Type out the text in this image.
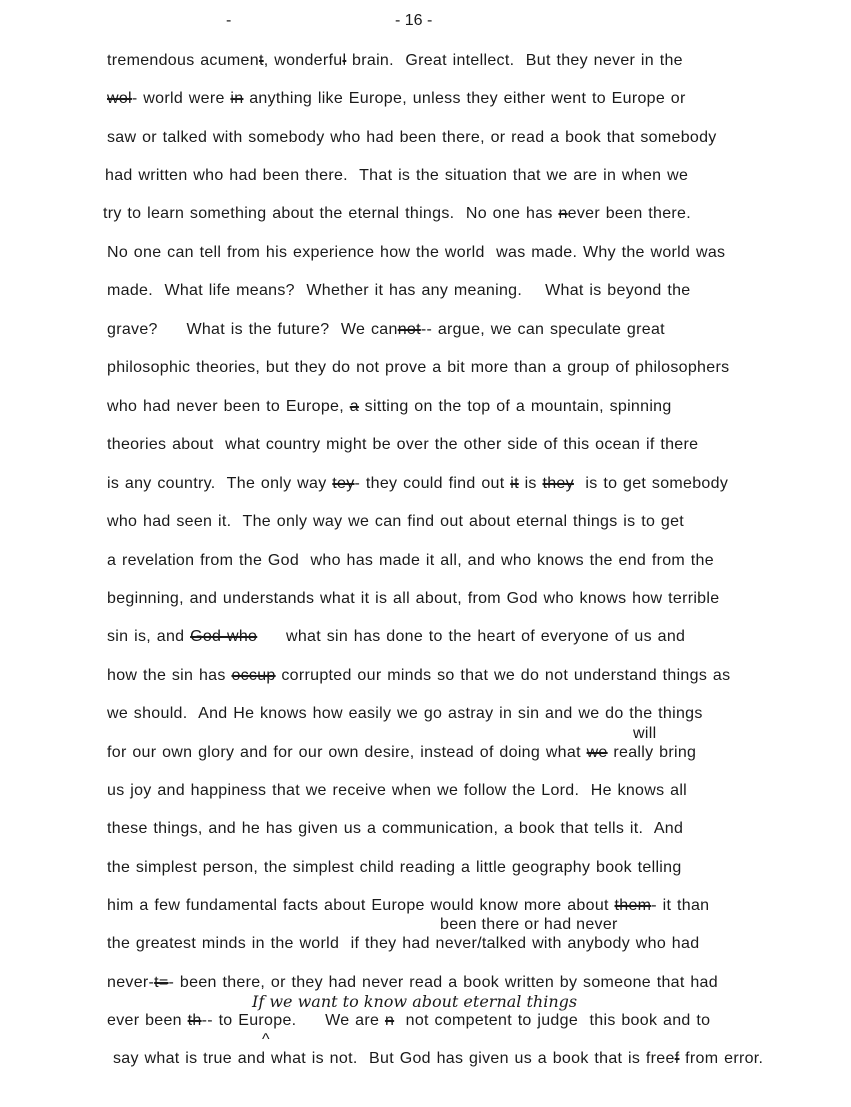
-	- 16 -
tremendous acument, wonderful brain.  Great intellect.  But they never in the
wol- world were in anything like Europe, unless they either went to Europe or
saw or talked with somebody who had been there, or read a book that somebody
had written who had been there.  That is the situation that we are in when we
try to learn something about the eternal things.  No one has never been there.
No one can tell from his experience how the world  was made. Why the world was
made.  What life means?  Whether it has any meaning.    What is beyond the
grave?     What is the future?  We cannot-- argue, we can speculate great
philosophic theories, but they do not prove a bit more than a group of philosophers
who had never been to Europe, a sitting on the top of a mountain, spinning
theories about  what country might be over the other side of this ocean if there
is any country.  The only way tey- they could find out it is they  is to get somebody
who had seen it.  The only way we can find out about eternal things is to get
a revelation from the God  who has made it all, and who knows the end from the
beginning, and understands what it is all about, from God who knows how terrible
sin is, and God who     what sin has done to the heart of everyone of us and
how the sin has occup corrupted our minds so that we do not understand things as
we should.  And He knows how easily we go astray in sin and we do the things
for our own glory and for our own desire, instead of doing what we really bring
us joy and happiness that we receive when we follow the Lord.  He knows all
these things, and he has given us a communication, a book that tells it.  And
the simplest person, the simplest child reading a little geography book telling
him a few fundamental facts about Europe would know more about them- it than
the greatest minds in the world  if they had never/talked with anybody who had
never-t=- been there, or they had never read a book written by someone that had
ever been th-- to Europe.     We are n  not competent to judge  this book and to
say what is true and what is not.  But God has given us a book that is freef from error.
will
been there or had never
If we want to know about eternal things
^
